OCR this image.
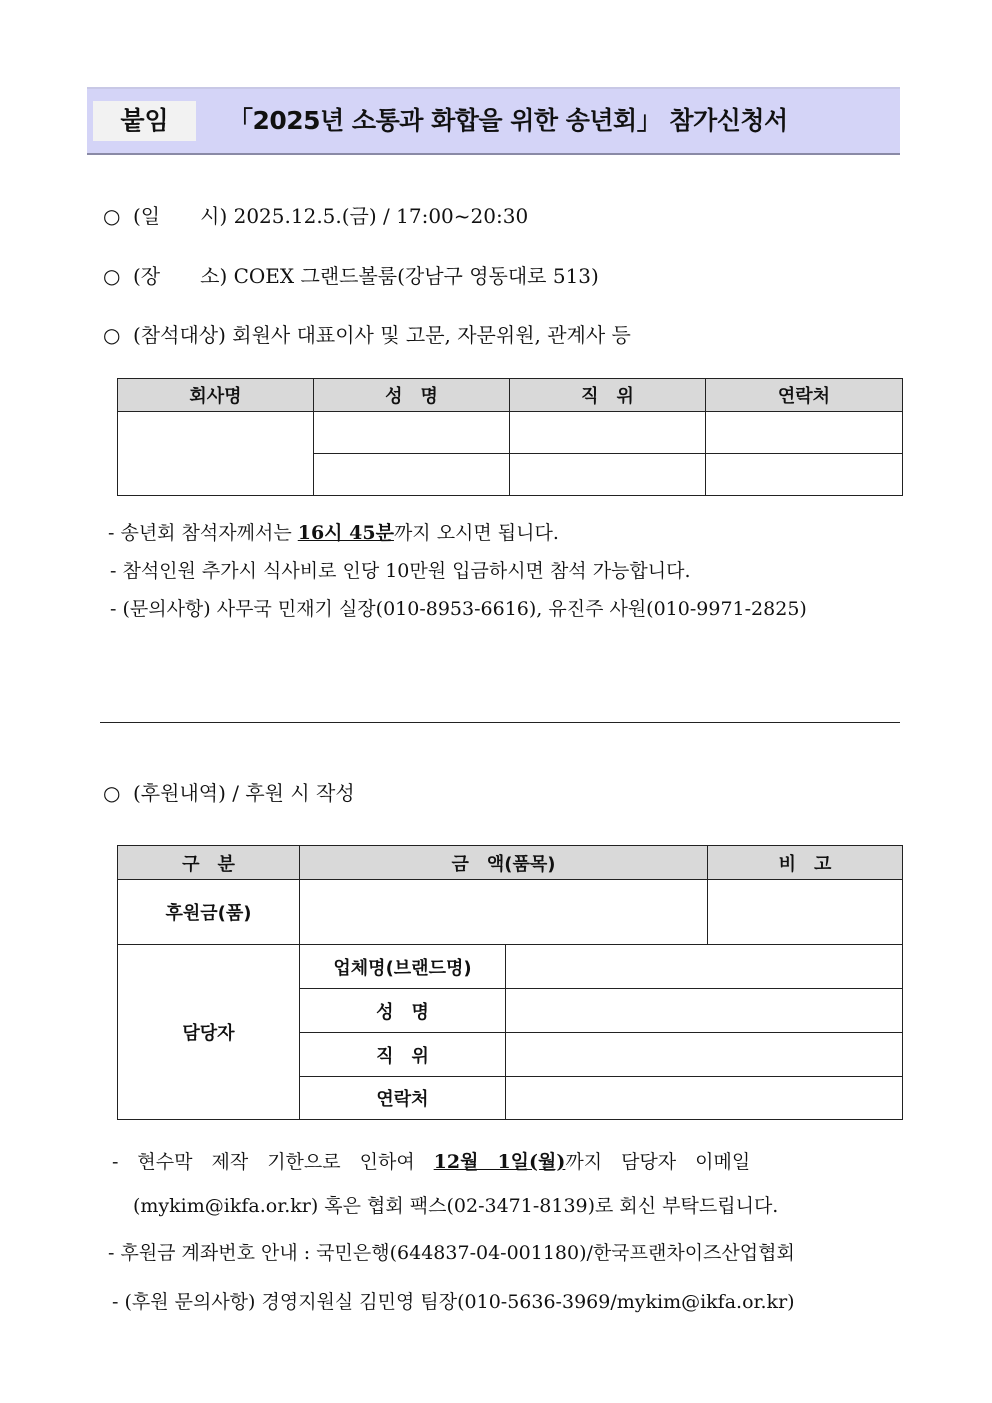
붙임	「2025년 소통과 화합을 위한 송년회」 참가신청서
○ (일　　시) 2025.12.5.(금) / 17:00~20:30
○ (장　　소) COEX 그랜드볼룸(강남구 영동대로 513)
○ (참석대상) 회원사 대표이사 및 고문, 자문위원, 관계사 등
회사명	성　명	직　위	연락처

- 송년회 참석자께서는 16시 45분까지 오시면 됩니다.
- 참석인원 추가시 식사비로 인당 10만원 입금하시면 참석 가능합니다.
- (문의사항) 사무국 민재기 실장(010-8953-6616), 유진주 사원(010-9971-2825)
○ (후원내역) / 후원 시 작성
구　분	금　액(품목)		비　고
후원금(품)			
담당자	업체명(브랜드명)		
	성　명		
	직　위		
	연락처		
-　현수막　제작　기한으로　인하여　12월　1일(월)까지　담당자　이메일
(mykim@ikfa.or.kr) 혹은 협회 팩스(02-3471-8139)로 회신 부탁드립니다.
- 후원금 계좌번호 안내 : 국민은행(644837-04-001180)/한국프랜차이즈산업협회
- (후원 문의사항) 경영지원실 김민영 팀장(010-5636-3969/mykim@ikfa.or.kr)
